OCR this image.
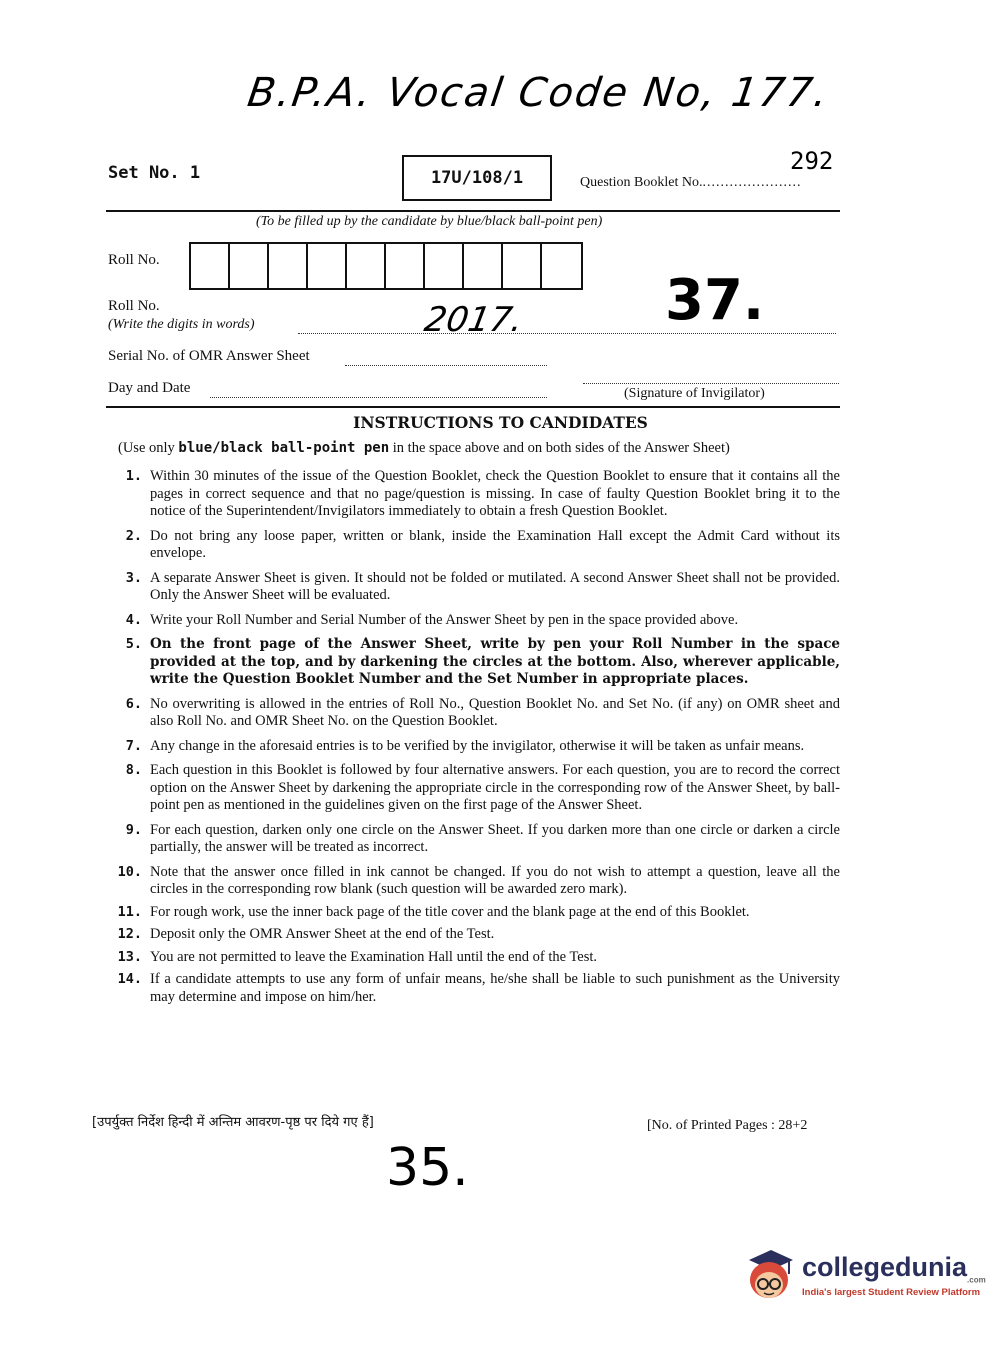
B.P.A. Vocal Code No, 177.
Set No. 1	17U/108/1	Question Booklet No.......................
292
(To be filled up by the candidate by blue/black ball-point pen)
Roll No.
Roll No.
(Write the digits in words)	2017. 37.
Serial No. of OMR Answer Sheet
Day and Date	(Signature of Invigilator)
INSTRUCTIONS TO CANDIDATES
(Use only blue/black ball-point pen in the space above and on both sides of the Answer Sheet)
1. Within 30 minutes of the issue of the Question Booklet, check the Question Booklet to ensure that it contains all the pages in correct sequence and that no page/question is missing. In case of faulty Question Booklet bring it to the notice of the Superintendent/Invigilators immediately to obtain a fresh Question Booklet.
2. Do not bring any loose paper, written or blank, inside the Examination Hall except the Admit Card without its envelope.
3. A separate Answer Sheet is given. It should not be folded or mutilated. A second Answer Sheet shall not be provided. Only the Answer Sheet will be evaluated.
4. Write your Roll Number and Serial Number of the Answer Sheet by pen in the space provided above.
5. On the front page of the Answer Sheet, write by pen your Roll Number in the space provided at the top, and by darkening the circles at the bottom. Also, wherever applicable, write the Question Booklet Number and the Set Number in appropriate places.
6. No overwriting is allowed in the entries of Roll No., Question Booklet No. and Set No. (if any) on OMR sheet and also Roll No. and OMR Sheet No. on the Question Booklet.
7. Any change in the aforesaid entries is to be verified by the invigilator, otherwise it will be taken as unfair means.
8. Each question in this Booklet is followed by four alternative answers. For each question, you are to record the correct option on the Answer Sheet by darkening the appropriate circle in the corresponding row of the Answer Sheet, by ball-point pen as mentioned in the guidelines given on the first page of the Answer Sheet.
9. For each question, darken only one circle on the Answer Sheet. If you darken more than one circle or darken a circle partially, the answer will be treated as incorrect.
10. Note that the answer once filled in ink cannot be changed. If you do not wish to attempt a question, leave all the circles in the corresponding row blank (such question will be awarded zero mark).
11. For rough work, use the inner back page of the title cover and the blank page at the end of this Booklet.
12. Deposit only the OMR Answer Sheet at the end of the Test.
13. You are not permitted to leave the Examination Hall until the end of the Test.
14. If a candidate attempts to use any form of unfair means, he/she shall be liable to such punishment as the University may determine and impose on him/her.
[उपर्युक्त निर्देश हिन्दी में अन्तिम आवरण-पृष्ठ पर दिये गए हैं]	[No. of Printed Pages : 28+2
35.
collegedunia$_{.com}$
India's largest Student Review Platform
